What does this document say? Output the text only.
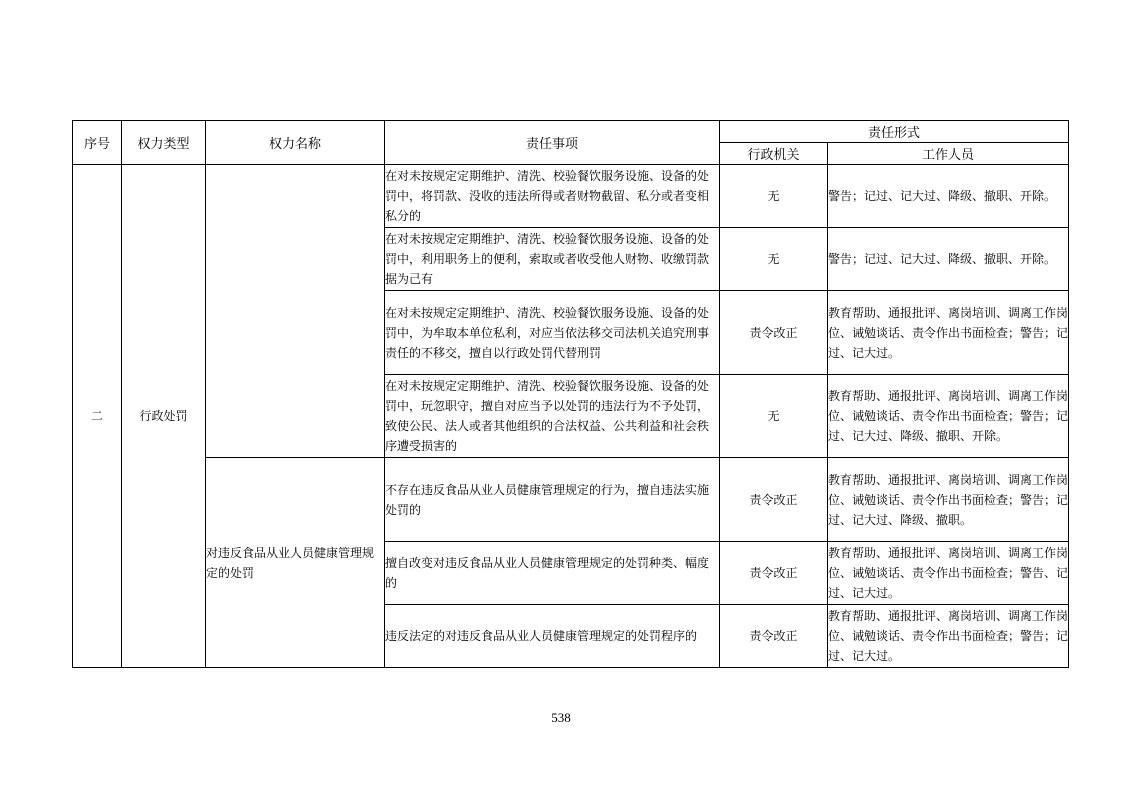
序号	权力类型	权力名称	责任事项	责任形式	
				行政机关	工作人员
二	行政处罚		在对未按规定定期维护、清洗、校验餐饮服务设施、设备的处罚中，将罚款、没收的违法所得或者财物截留、私分或者变相私分的	无	警告；记过、记大过、降级、撤职、开除。
			在对未按规定定期维护、清洗、校验餐饮服务设施、设备的处罚中，利用职务上的便利，索取或者收受他人财物、收缴罚款据为己有	无	警告；记过、记大过、降级、撤职、开除。
			在对未按规定定期维护、清洗、校验餐饮服务设施、设备的处罚中，为牟取本单位私利，对应当依法移交司法机关追究刑事责任的不移交，擅自以行政处罚代替刑罚	责令改正	教育帮助、通报批评、离岗培训、调离工作岗位、诫勉谈话、责令作出书面检查；警告；记过、记大过。
			在对未按规定定期维护、清洗、校验餐饮服务设施、设备的处罚中，玩忽职守，擅自对应当予以处罚的违法行为不予处罚，致使公民、法人或者其他组织的合法权益、公共利益和社会秩序遭受损害的	无	教育帮助、通报批评、离岗培训、调离工作岗位、诫勉谈话、责令作出书面检查；警告；记过、记大过、降级、撤职、开除。
		对违反食品从业人员健康管理规定的处罚	不存在违反食品从业人员健康管理规定的行为，擅自违法实施处罚的	责令改正	教育帮助、通报批评、离岗培训、调离工作岗位、诫勉谈话、责令作出书面检查；警告；记过、记大过、降级、撤职。
			擅自改变对违反食品从业人员健康管理规定的处罚种类、幅度的	责令改正	教育帮助、通报批评、离岗培训、调离工作岗位、诫勉谈话、责令作出书面检查；警告、记过、记大过。
			违反法定的对违反食品从业人员健康管理规定的处罚程序的	责令改正	教育帮助、通报批评、离岗培训、调离工作岗位、诫勉谈话、责令作出书面检查；警告；记过、记大过。
538
